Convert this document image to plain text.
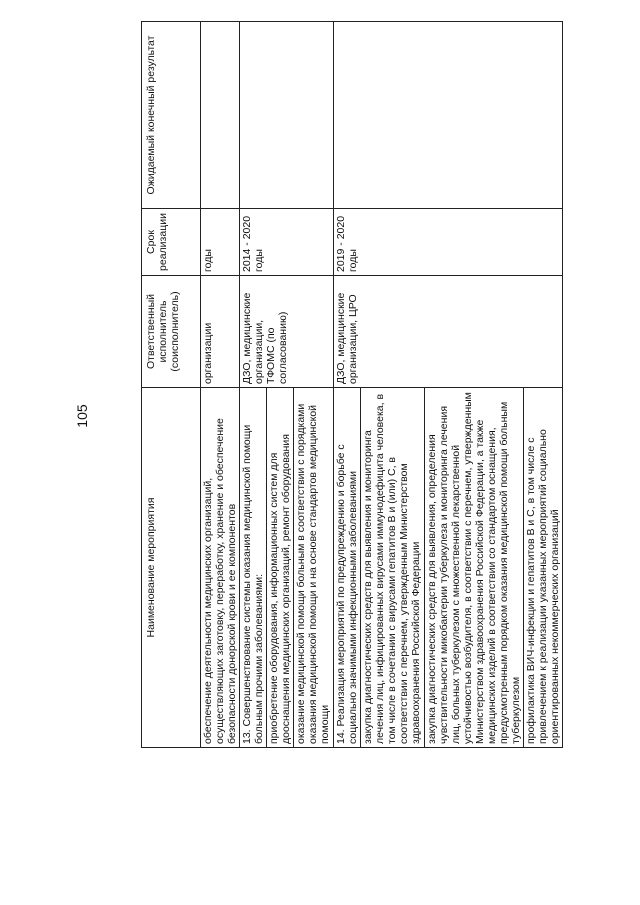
105
Наименование мероприятия	Ответственный исполнитель (соисполнитель)	Срок реализации	Ожидаемый конечный результат
обеспечение деятельности медицинских организаций, осуществляющих заготовку, переработку, хранение и обеспечение безопасности донорской крови и ее компонентов	организации	годы	
13. Совершенствование системы оказания медицинской помощи больным прочими заболеваниями:	ДЗО, медицинские организации, ТФОМС (по согласованию)	2014 - 2020 годы	
приобретение оборудования, информационных систем для дооснащения медицинских организаций, ремонт оборудования			
оказание медицинской помощи больным в соответствии с порядками оказания медицинской помощи и на основе стандартов медицинской помощи			
14. Реализация мероприятий по предупреждению и борьбе с социально значимыми инфекционными заболеваниями	ДЗО, медицинские организации, ЦРО	2019 - 2020 годы	
закупка диагностических средств для выявления и мониторинга лечения лиц, инфицированных вирусами иммунодефицита человека, в том числе в сочетании с вирусами гепатитов В и (или) С, в соответствии с перечнем, утвержденным Министерством здравоохранения Российской Федерации			
закупка диагностических средств для выявления, определения чувствительности микобактерии туберкулеза и мониторинга лечения лиц, больных туберкулезом с множественной лекарственной устойчивостью возбудителя, в соответствии с перечнем, утвержденным Министерством здравоохранения Российской Федерации, а также медицинских изделий в соответствии со стандартом оснащения, предусмотренным порядком оказания медицинской помощи больным туберкулезом			
профилактика ВИЧ-инфекции и гепатитов В и С, в том числе с привлечением к реализации указанных мероприятий социально ориентированных некоммерческих организаций			
